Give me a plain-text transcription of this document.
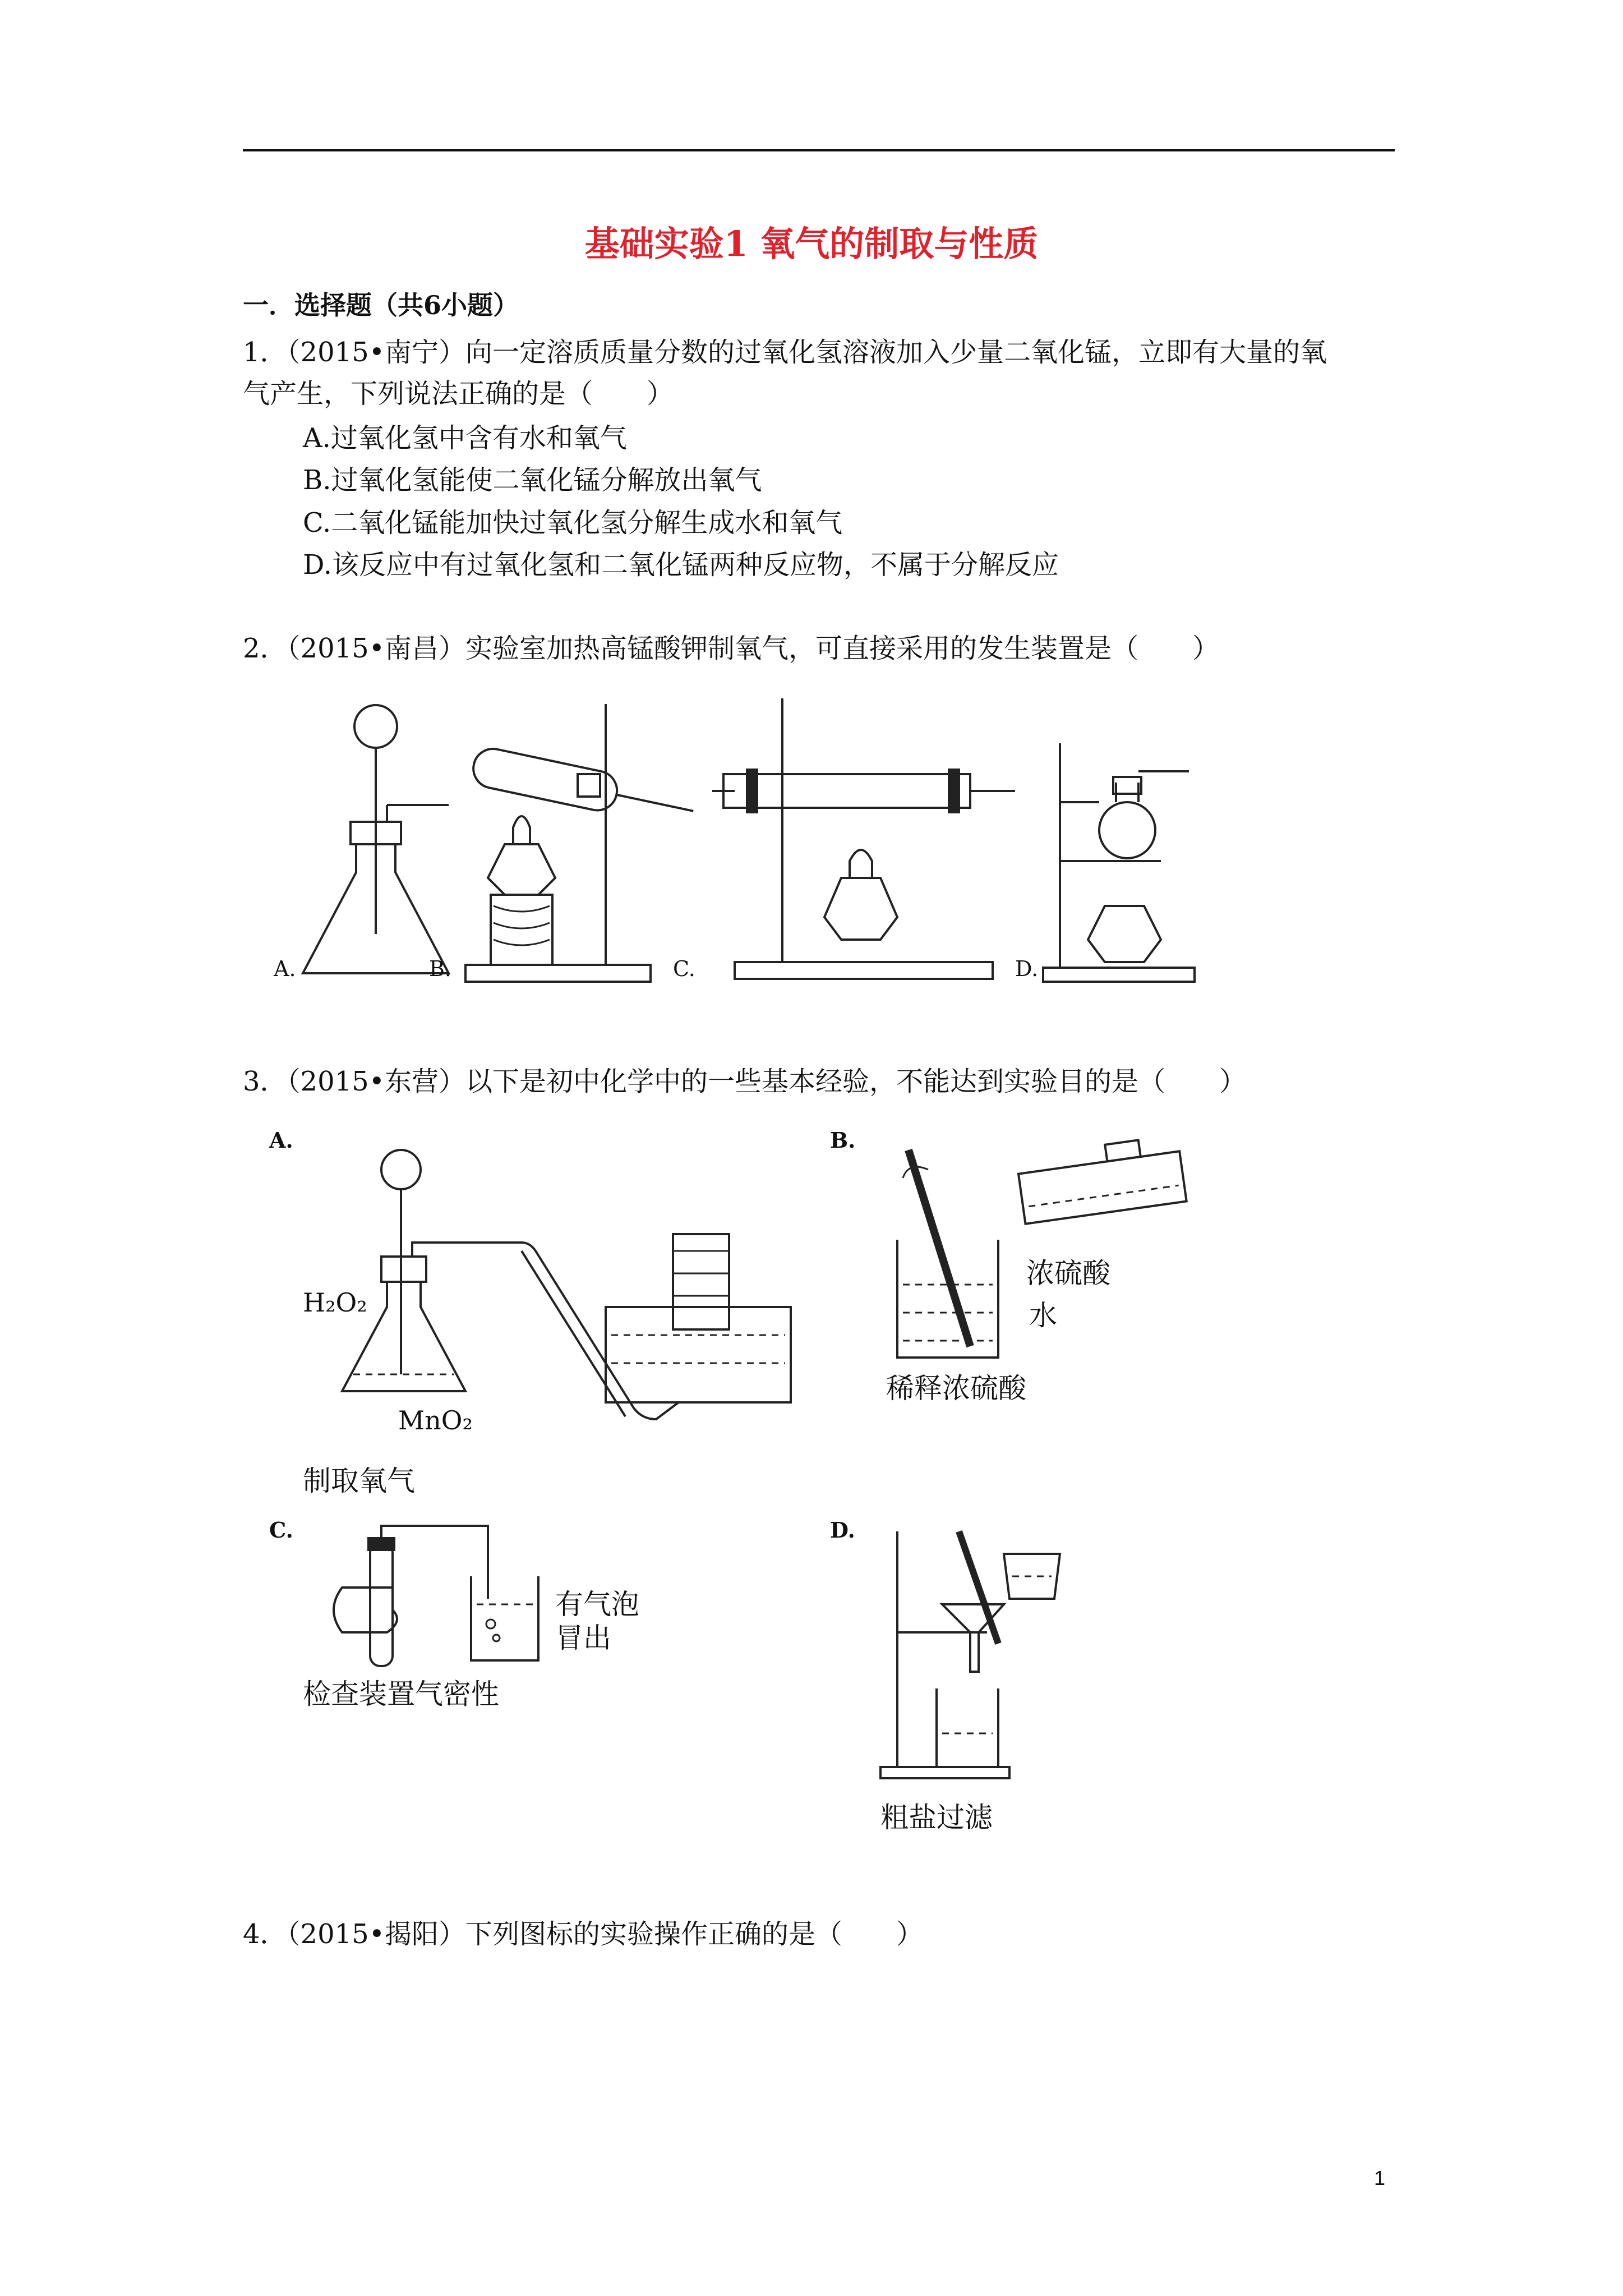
基础实验1 氧气的制取与性质
一．选择题（共6小题）
1．（2015•南宁）向一定溶质质量分数的过氧化氢溶液加入少量二氧化锰，立即有大量的氧
气产生，下列说法正确的是（　　）
A.过氧化氢中含有水和氧气
B.过氧化氢能使二氧化锰分解放出氧气
C.二氧化锰能加快过氧化氢分解生成水和氧气
D.该反应中有过氧化氢和二氧化锰两种反应物，不属于分解反应
2．（2015•南昌）实验室加热高锰酸钾制氧气，可直接采用的发生装置是（　　）
A.	B.	C.	D.
3．（2015•东营）以下是初中化学中的一些基本经验，不能达到实验目的是（　　）
A.
H₂O₂
MnO₂
制取氧气
B.
浓硫酸
水
稀释浓硫酸
C.
有气泡
冒出
检查装置气密性
D.
粗盐过滤
4．（2015•揭阳）下列图标的实验操作正确的是（　　）
1
